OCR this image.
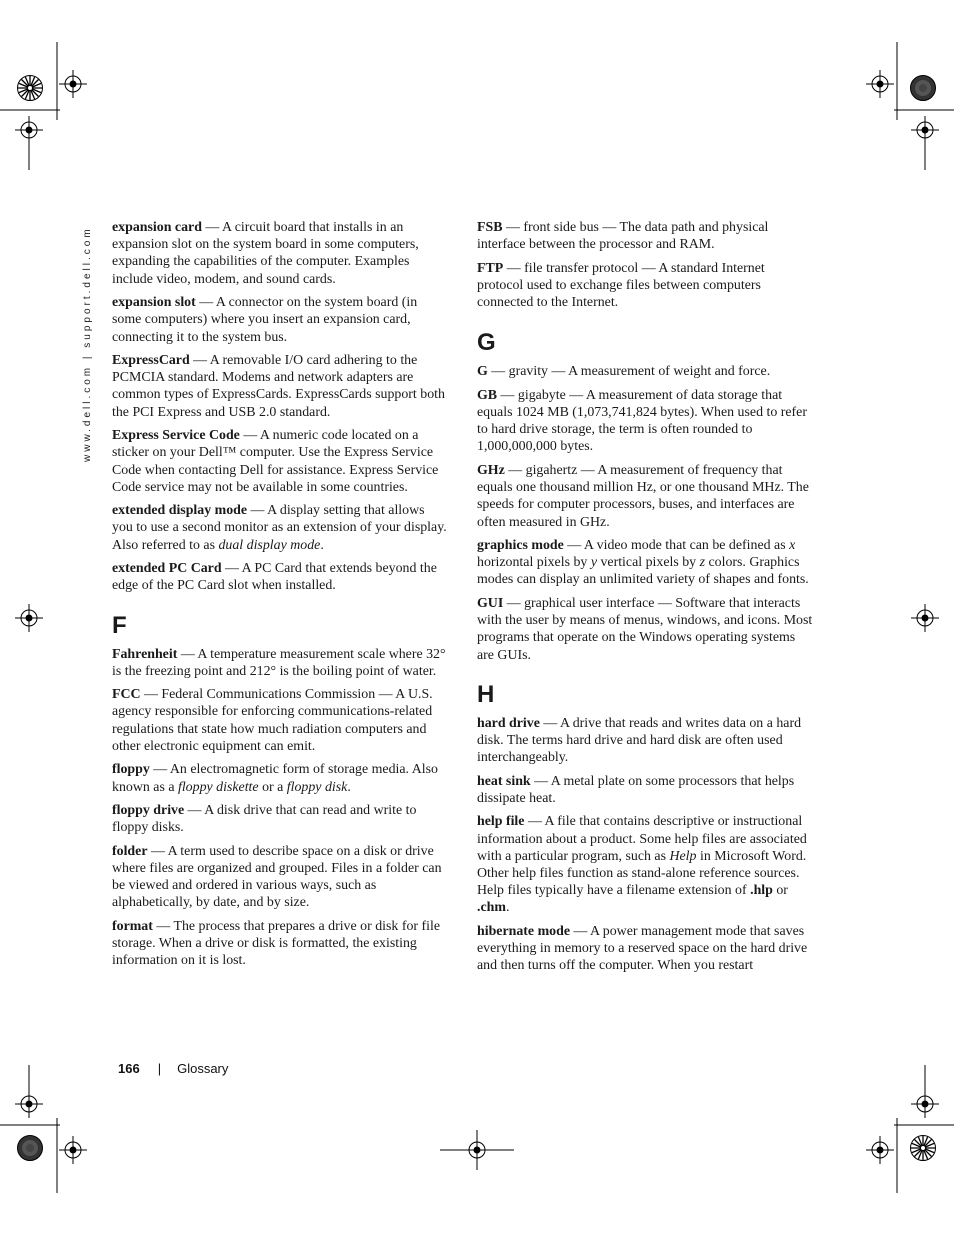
www.dell.com | support.dell.com	expansion card — A circuit board that installs in an expansion slot on the system board in some computers, expanding the capabilities of the computer. Examples include video, modem, and sound cards.

expansion slot — A connector on the system board (in some computers) where you insert an expansion card, connecting it to the system bus.

ExpressCard — A removable I/O card adhering to the PCMCIA standard. Modems and network adapters are common types of ExpressCards. ExpressCards support both the PCI Express and USB 2.0 standard.

Express Service Code — A numeric code located on a sticker on your Dell™ computer. Use the Express Service Code when contacting Dell for assistance. Express Service Code service may not be available in some countries.

extended display mode — A display setting that allows you to use a second monitor as an extension of your display. Also referred to as dual display mode.

extended PC Card — A PC Card that extends beyond the edge of the PC Card slot when installed.

F

Fahrenheit — A temperature measurement scale where 32° is the freezing point and 212° is the boiling point of water.

FCC — Federal Communications Commission — A U.S. agency responsible for enforcing communications-related regulations that state how much radiation computers and other electronic equipment can emit.

floppy — An electromagnetic form of storage media. Also known as a floppy diskette or a floppy disk.

floppy drive — A disk drive that can read and write to floppy disks.

folder — A term used to describe space on a disk or drive where files are organized and grouped. Files in a folder can be viewed and ordered in various ways, such as alphabetically, by date, and by size.

format — The process that prepares a drive or disk for file storage. When a drive or disk is formatted, the existing information on it is lost.

FSB — front side bus — The data path and physical interface between the processor and RAM.

FTP — file transfer protocol — A standard Internet protocol used to exchange files between computers connected to the Internet.

G

G — gravity — A measurement of weight and force.

GB — gigabyte — A measurement of data storage that equals 1024 MB (1,073,741,824 bytes). When used to refer to hard drive storage, the term is often rounded to 1,000,000,000 bytes.

GHz — gigahertz — A measurement of frequency that equals one thousand million Hz, or one thousand MHz. The speeds for computer processors, buses, and interfaces are often measured in GHz.

graphics mode — A video mode that can be defined as x horizontal pixels by y vertical pixels by z colors. Graphics modes can display an unlimited variety of shapes and fonts.

GUI — graphical user interface — Software that interacts with the user by means of menus, windows, and icons. Most programs that operate on the Windows operating systems are GUIs.

H

hard drive — A drive that reads and writes data on a hard disk. The terms hard drive and hard disk are often used interchangeably.

heat sink — A metal plate on some processors that helps dissipate heat.

help file — A file that contains descriptive or instructional information about a product. Some help files are associated with a particular program, such as Help in Microsoft Word. Other help files function as stand-alone reference sources. Help files typically have a filename extension of .hlp or .chm.

hibernate mode — A power management mode that saves everything in memory to a reserved space on the hard drive and then turns off the computer. When you restart

166 | Glossary
